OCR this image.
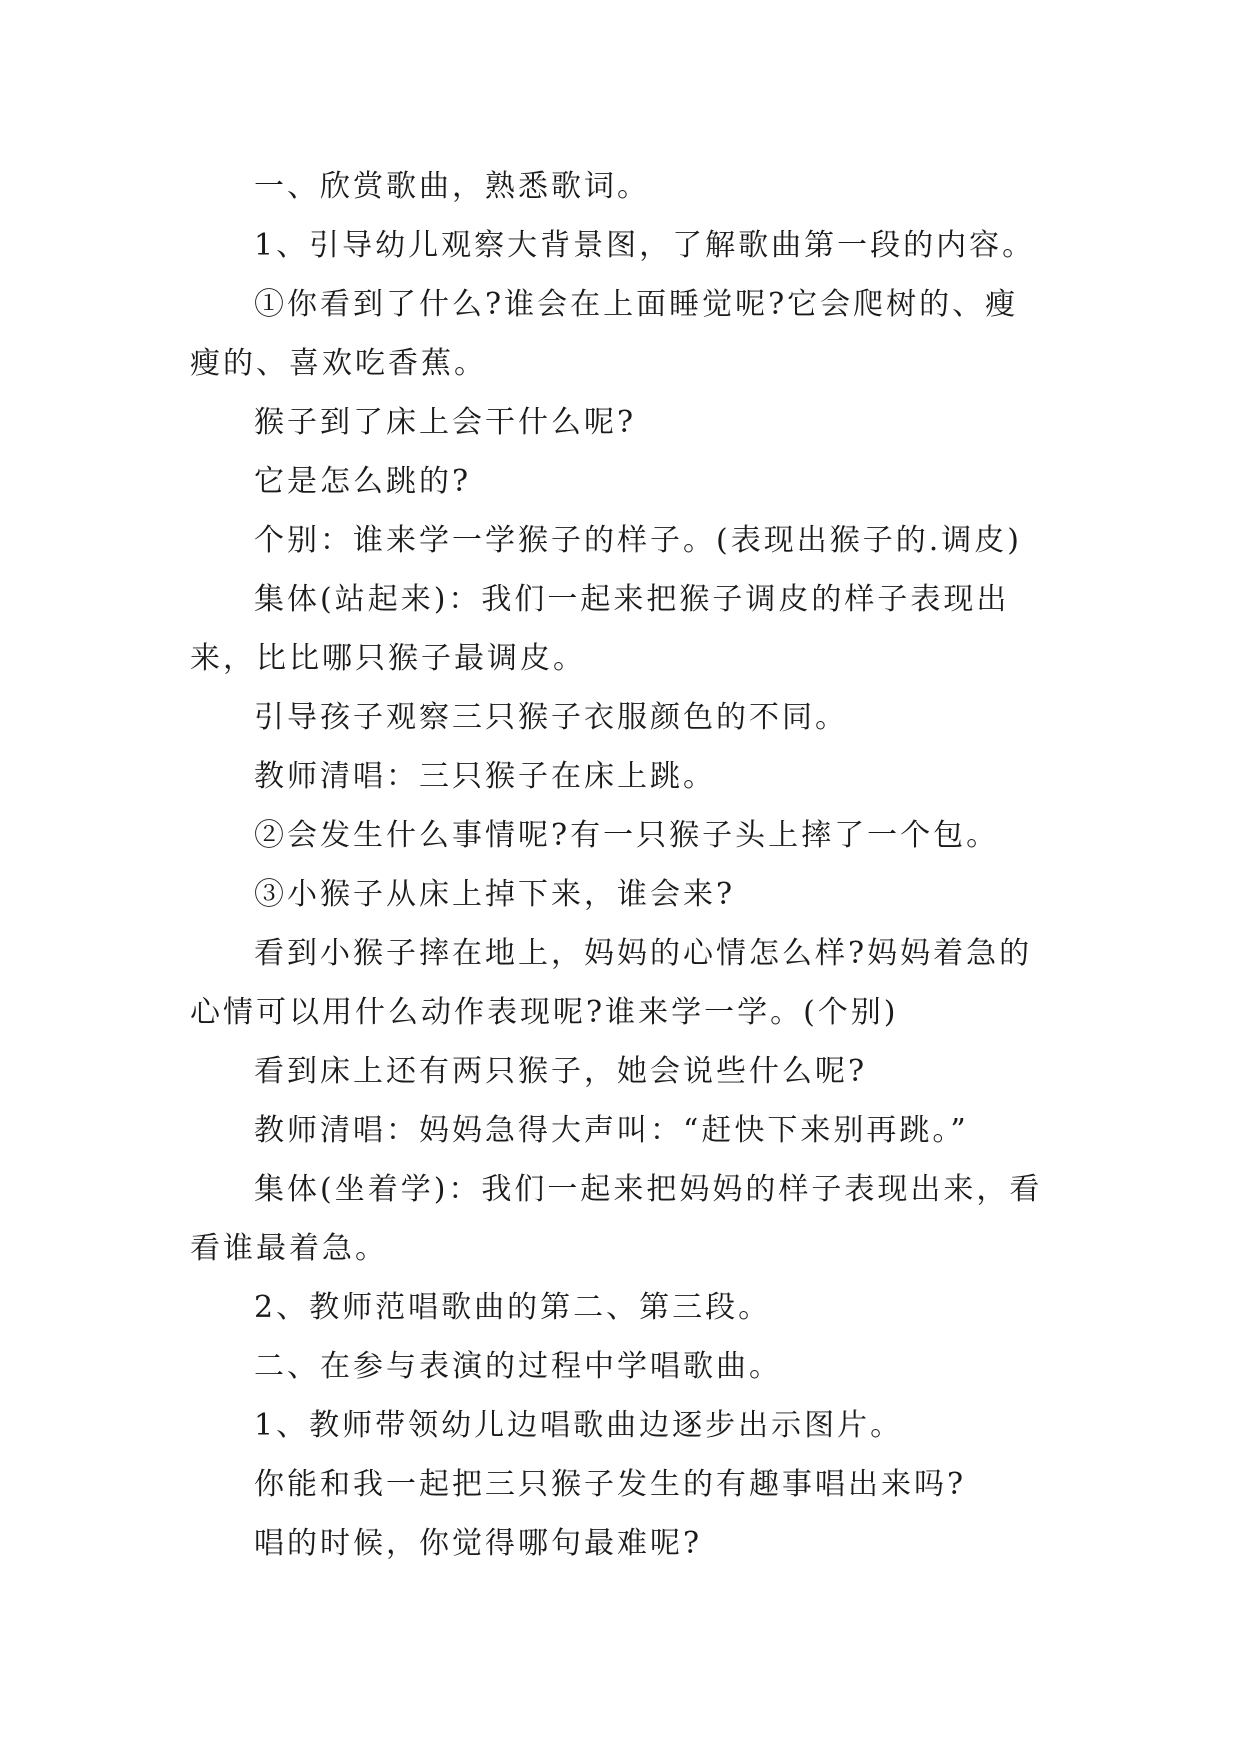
一、欣赏歌曲，熟悉歌词。

1、引导幼儿观察大背景图，了解歌曲第一段的内容。

①你看到了什么?谁会在上面睡觉呢?它会爬树的、瘦瘦的、喜欢吃香蕉。

猴子到了床上会干什么呢?

它是怎么跳的?

个别：谁来学一学猴子的样子。(表现出猴子的.调皮)

集体(站起来)：我们一起来把猴子调皮的样子表现出来，比比哪只猴子最调皮。

引导孩子观察三只猴子衣服颜色的不同。

教师清唱：三只猴子在床上跳。

②会发生什么事情呢?有一只猴子头上摔了一个包。

③小猴子从床上掉下来，谁会来?

看到小猴子摔在地上，妈妈的心情怎么样?妈妈着急的心情可以用什么动作表现呢?谁来学一学。(个别)

看到床上还有两只猴子，她会说些什么呢?

教师清唱：妈妈急得大声叫：“赶快下来别再跳。”

集体(坐着学)：我们一起来把妈妈的样子表现出来，看看谁最着急。

2、教师范唱歌曲的第二、第三段。

二、在参与表演的过程中学唱歌曲。

1、教师带领幼儿边唱歌曲边逐步出示图片。

你能和我一起把三只猴子发生的有趣事唱出来吗?

唱的时候，你觉得哪句最难呢?
